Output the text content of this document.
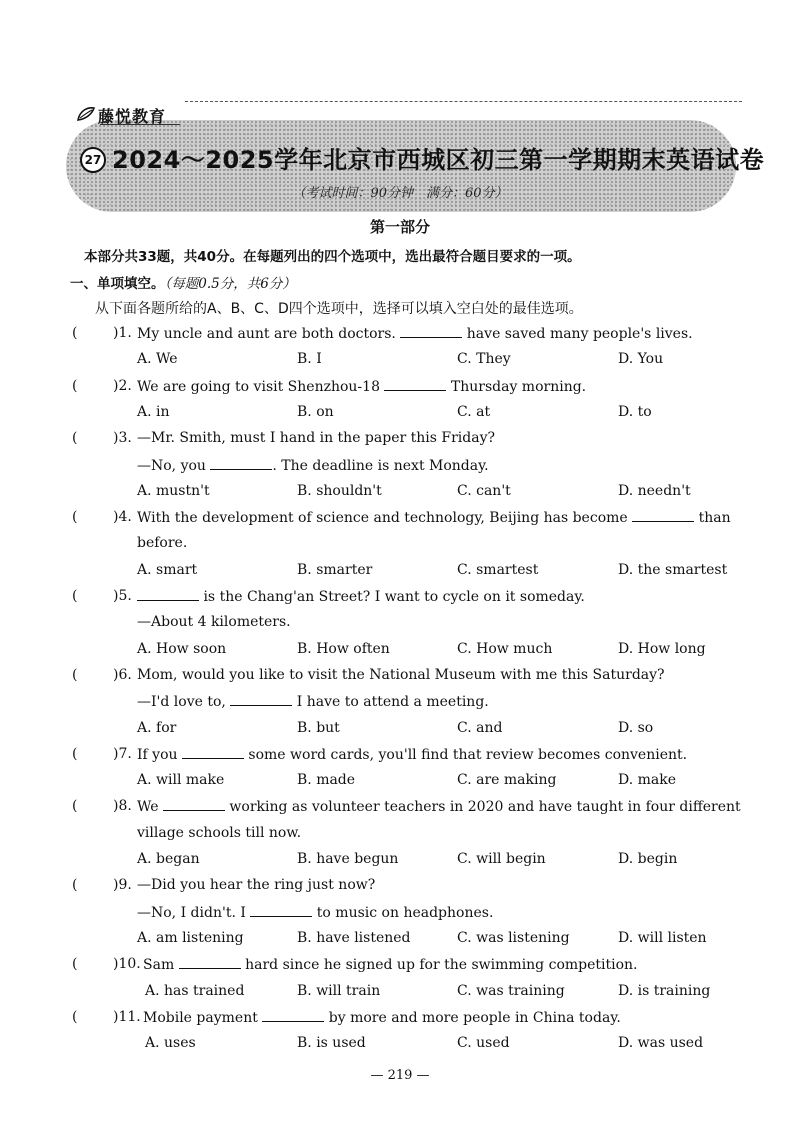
藤悦教育
27 2024～2025学年北京市西城区初三第一学期期末英语试卷
（考试时间：90分钟　满分：60分）
第一部分
本部分共33题，共40分。在每题列出的四个选项中，选出最符合题目要求的一项。
一、单项填空。（每题0.5分，共6分）
从下面各题所给的A、B、C、D四个选项中，选择可以填入空白处的最佳选项。
(	)1. My uncle and aunt are both doctors.	have saved many people's lives.
A. We	B. I	C. They	D. You
(	)2. We are going to visit Shenzhou-18	Thursday morning.
A. in	B. on	C. at	D. to
(	)3. —Mr. Smith, must I hand in the paper this Friday?
—No, you	. The deadline is next Monday.
A. mustn't	B. shouldn't	C. can't	D. needn't
(	)4. With the development of science and technology, Beijing has become	than
before.
A. smart	B. smarter	C. smartest	D. the smartest
(	)5.	is the Chang'an Street? I want to cycle on it someday.
—About 4 kilometers.
A. How soon	B. How often	C. How much	D. How long
(	)6. Mom, would you like to visit the National Museum with me this Saturday?
—I'd love to,	I have to attend a meeting.
A. for	B. but	C. and	D. so
(	)7. If you	some word cards, you'll find that review becomes convenient.
A. will make	B. made	C. are making	D. make
(	)8. We	working as volunteer teachers in 2020 and have taught in four different
village schools till now.
A. began	B. have begun	C. will begin	D. begin
(	)9. —Did you hear the ring just now?
—No, I didn't. I	to music on headphones.
A. am listening	B. have listened	C. was listening	D. will listen
(	)10. Sam	hard since he signed up for the swimming competition.
A. has trained	B. will train	C. was training	D. is training
(	)11. Mobile payment	by more and more people in China today.
A. uses	B. is used	C. used	D. was used
— 219 —
